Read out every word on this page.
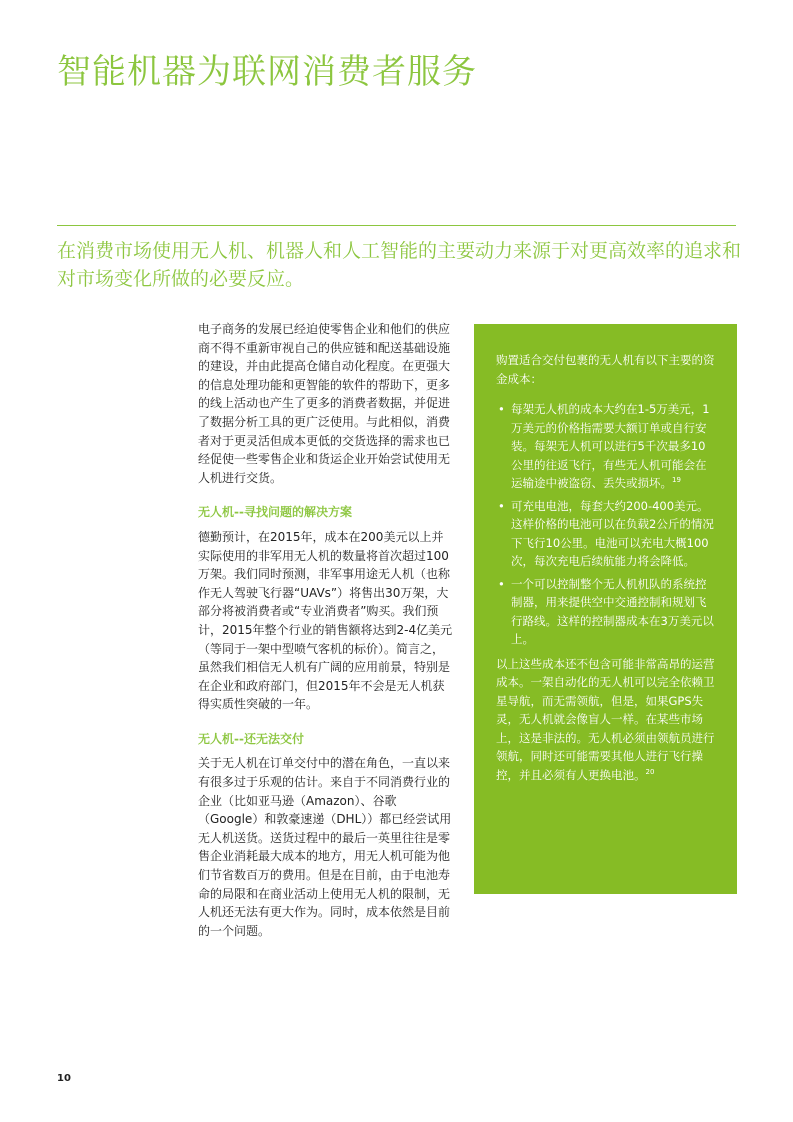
智能机器为联网消费者服务
在消费市场使用无人机、机器人和人工智能的主要动力来源于对更高效率的追求和对市场变化所做的必要反应。

电子商务的发展已经迫使零售企业和他们的供应商不得不重新审视自己的供应链和配送基础设施的建设，并由此提高仓储自动化程度。在更强大的信息处理功能和更智能的软件的帮助下，更多的线上活动也产生了更多的消费者数据，并促进了数据分析工具的更广泛使用。与此相似，消费者对于更灵活但成本更低的交货选择的需求也已经促使一些零售企业和货运企业开始尝试使用无人机进行交货。

无人机--寻找问题的解决方案

德勤预计，在2015年，成本在200美元以上并实际使用的非军用无人机的数量将首次超过100万架。我们同时预测，非军事用途无人机（也称作无人驾驶飞行器“UAVs”）将售出30万架，大部分将被消费者或“专业消费者”购买。我们预计，2015年整个行业的销售额将达到2-4亿美元（等同于一架中型喷气客机的标价）。简言之，虽然我们相信无人机有广阔的应用前景，特别是在企业和政府部门，但2015年不会是无人机获得实质性突破的一年。

无人机--还无法交付

关于无人机在订单交付中的潜在角色，一直以来有很多过于乐观的估计。来自于不同消费行业的企业（比如亚马逊（Amazon）、谷歌（Google）和敦豪速递（DHL））都已经尝试用无人机送货。送货过程中的最后一英里往往是零售企业消耗最大成本的地方，用无人机可能为他们节省数百万的费用。但是在目前，由于电池寿命的局限和在商业活动上使用无人机的限制，无人机还无法有更大作为。同时，成本依然是目前的一个问题。

购置适合交付包裹的无人机有以下主要的资金成本：

• 每架无人机的成本大约在1-5万美元，1万美元的价格指需要大额订单或自行安装。每架无人机可以进行5千次最多10公里的往返飞行，有些无人机可能会在运输途中被盗窃、丢失或损坏。$^{19}$
• 可充电电池，每套大约200-400美元。这样价格的电池可以在负载2公斤的情况下飞行10公里。电池可以充电大概100次，每次充电后续航能力将会降低。
• 一个可以控制整个无人机机队的系统控制器，用来提供空中交通控制和规划飞行路线。这样的控制器成本在3万美元以上。

以上这些成本还不包含可能非常高昂的运营成本。一架自动化的无人机可以完全依赖卫星导航，而无需领航，但是，如果GPS失灵，无人机就会像盲人一样。在某些市场上，这是非法的。无人机必须由领航员进行领航，同时还可能需要其他人进行飞行操控，并且必须有人更换电池。$^{20}$

10
